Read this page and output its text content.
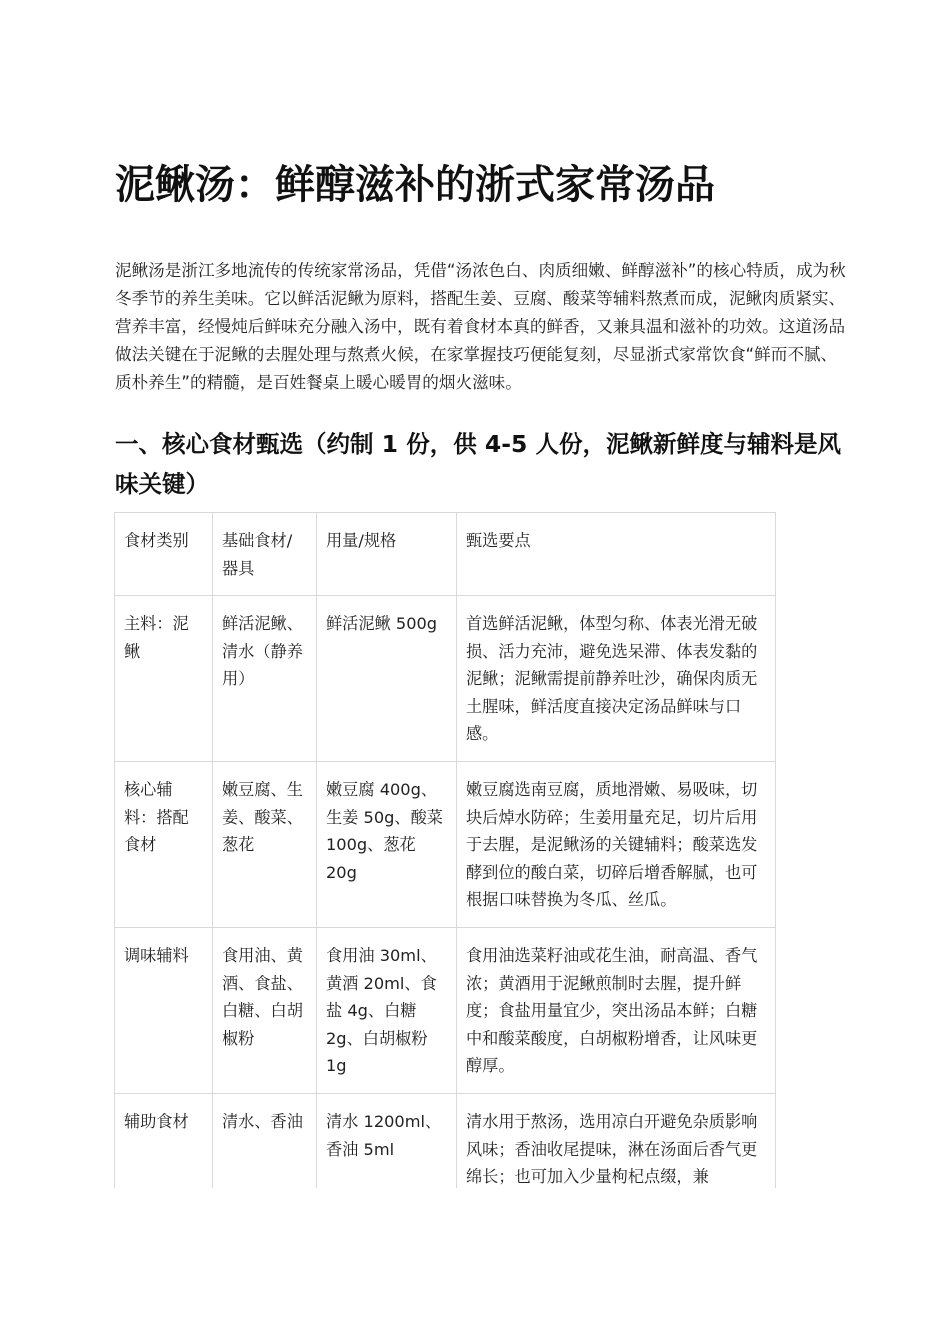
泥鳅汤：鲜醇滋补的浙式家常汤品

泥鳅汤是浙江多地流传的传统家常汤品，凭借“汤浓色白、肉质细嫩、鲜醇滋补”的核心特质，成为秋冬季节的养生美味。它以鲜活泥鳅为原料，搭配生姜、豆腐、酸菜等辅料熬煮而成，泥鳅肉质紧实、营养丰富，经慢炖后鲜味充分融入汤中，既有着食材本真的鲜香，又兼具温和滋补的功效。这道汤品做法关键在于泥鳅的去腥处理与熬煮火候，在家掌握技巧便能复刻，尽显浙式家常饮食“鲜而不腻、质朴养生”的精髓，是百姓餐桌上暖心暖胃的烟火滋味。

一、核心食材甄选（约制 1 份，供 4-5 人份，泥鳅新鲜度与辅料是风味关键）
食材类别	基础食材/器具	用量/规格	甄选要点
主料：泥鳅	鲜活泥鳅、清水（静养用）	鲜活泥鳅 500g	首选鲜活泥鳅，体型匀称、体表光滑无破损、活力充沛，避免选呆滞、体表发黏的泥鳅；泥鳅需提前静养吐沙，确保肉质无土腥味，鲜活度直接决定汤品鲜味与口感。
核心辅料：搭配食材	嫩豆腐、生姜、酸菜、葱花	嫩豆腐 400g、生姜 50g、酸菜 100g、葱花 20g	嫩豆腐选南豆腐，质地滑嫩、易吸味，切块后焯水防碎；生姜用量充足，切片后用于去腥，是泥鳅汤的关键辅料；酸菜选发酵到位的酸白菜，切碎后增香解腻，也可根据口味替换为冬瓜、丝瓜。
调味辅料	食用油、黄酒、食盐、白糖、白胡椒粉	食用油 30ml、黄酒 20ml、食盐 4g、白糖 2g、白胡椒粉 1g	食用油选菜籽油或花生油，耐高温、香气浓；黄酒用于泥鳅煎制时去腥，提升鲜度；食盐用量宜少，突出汤品本鲜；白糖中和酸菜酸度，白胡椒粉增香，让风味更醇厚。
辅助食材	清水、香油	清水 1200ml、香油 5ml	清水用于熬汤，选用凉白开避免杂质影响风味；香油收尾提味，淋在汤面后香气更绵长；也可加入少量枸杞点缀，兼
